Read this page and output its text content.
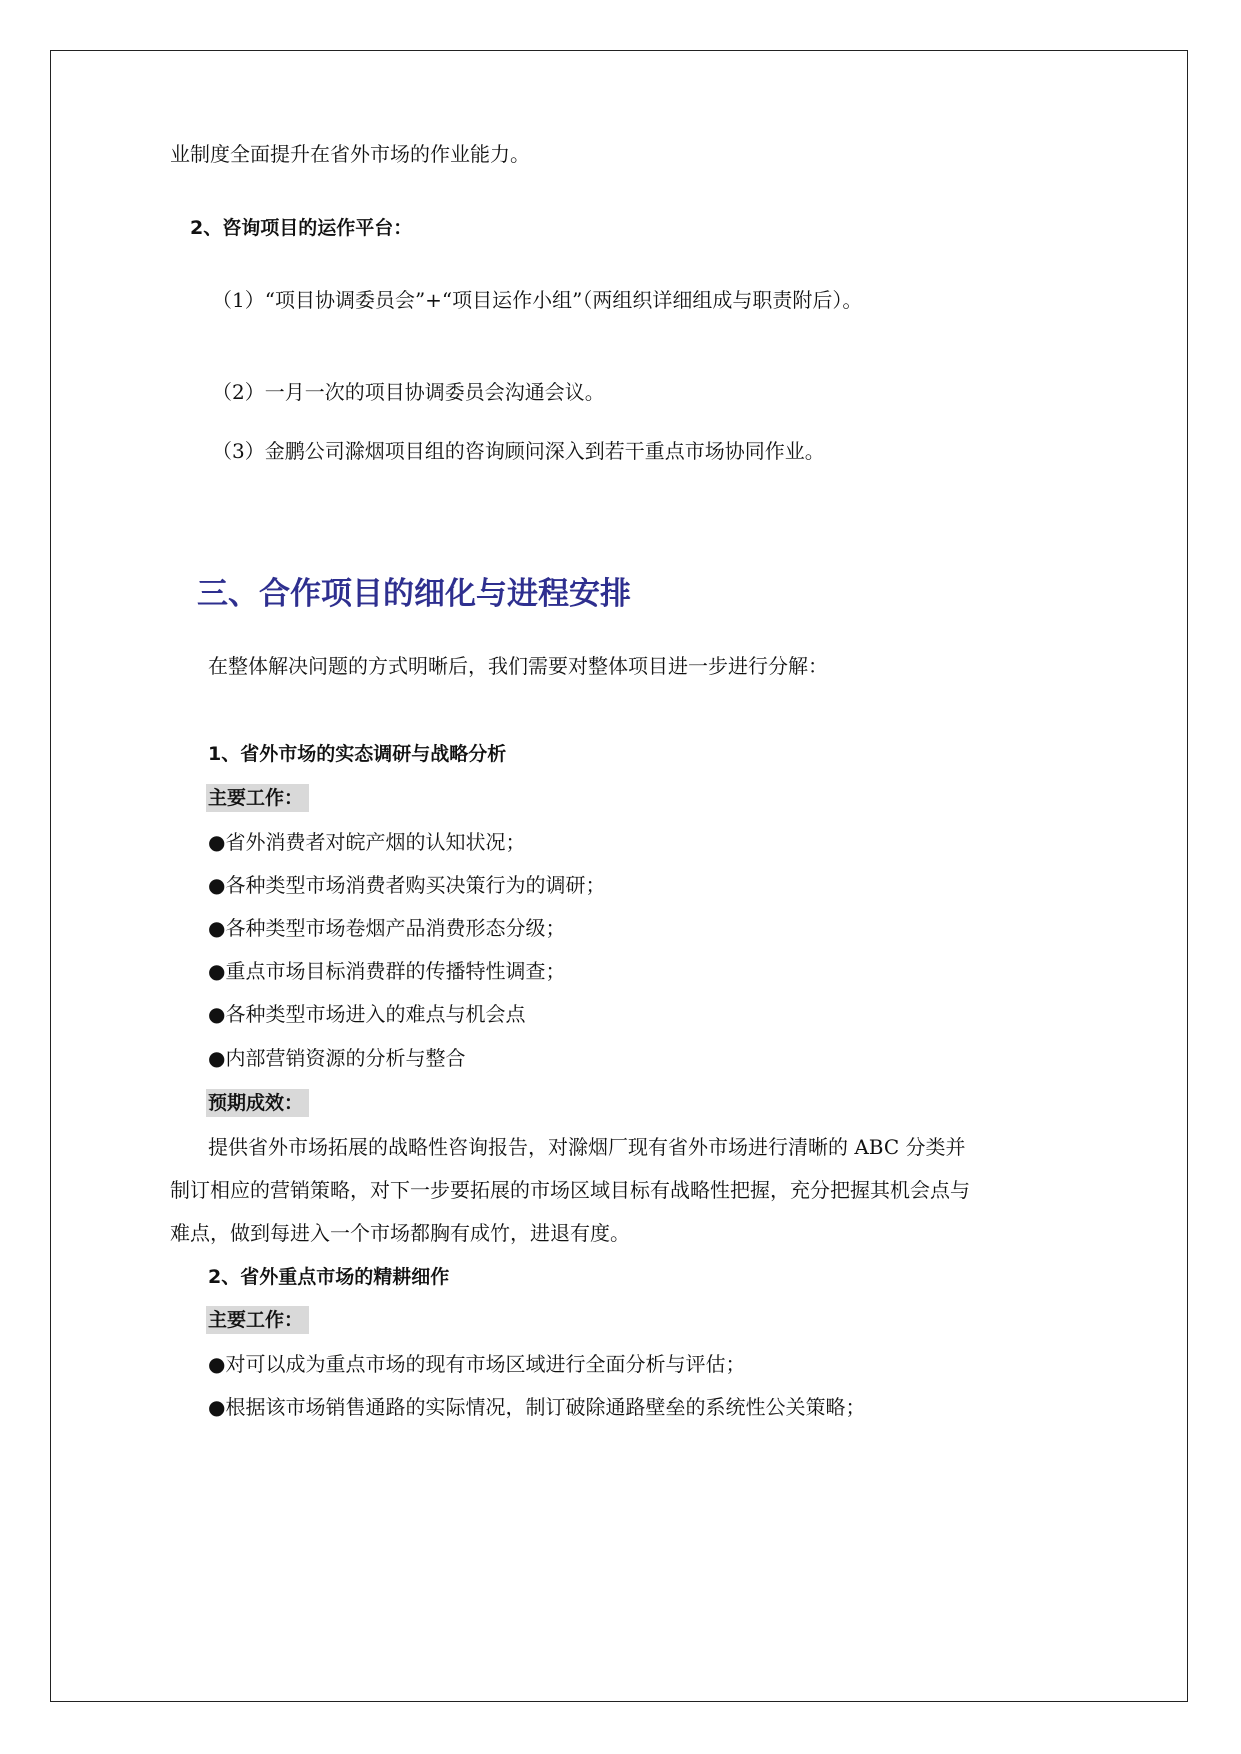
业制度全面提升在省外市场的作业能力。
2、咨询项目的运作平台：
（1）“项目协调委员会”+“项目运作小组”（两组织详细组成与职责附后）。
（2）一月一次的项目协调委员会沟通会议。
（3）金鹏公司滁烟项目组的咨询顾问深入到若干重点市场协同作业。
三、合作项目的细化与进程安排
在整体解决问题的方式明晰后，我们需要对整体项目进一步进行分解：
1、省外市场的实态调研与战略分析
主要工作：
●省外消费者对皖产烟的认知状况；
●各种类型市场消费者购买决策行为的调研；
●各种类型市场卷烟产品消费形态分级；
●重点市场目标消费群的传播特性调查；
●各种类型市场进入的难点与机会点
●内部营销资源的分析与整合
预期成效：
提供省外市场拓展的战略性咨询报告，对滁烟厂现有省外市场进行清晰的 ABC 分类并
制订相应的营销策略，对下一步要拓展的市场区域目标有战略性把握，充分把握其机会点与
难点，做到每进入一个市场都胸有成竹，进退有度。
2、省外重点市场的精耕细作
主要工作：
●对可以成为重点市场的现有市场区域进行全面分析与评估；
●根据该市场销售通路的实际情况，制订破除通路壁垒的系统性公关策略；
